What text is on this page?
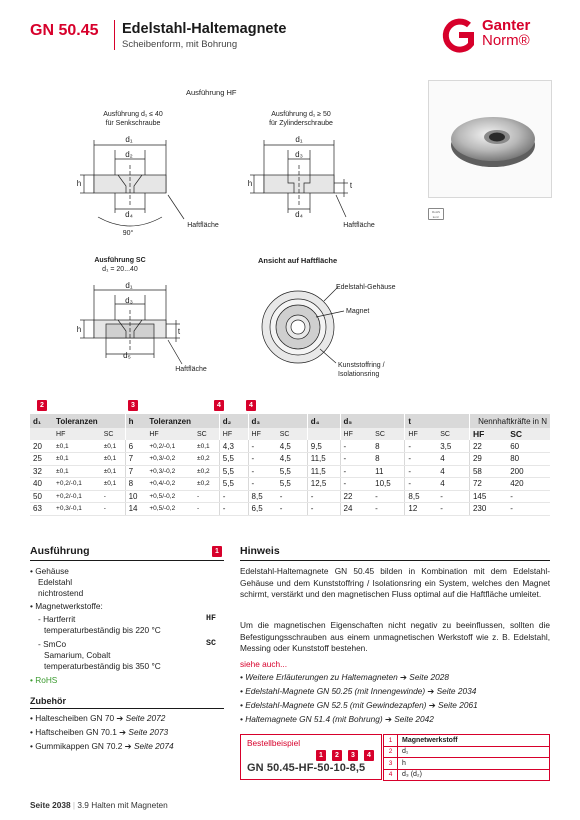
GN 50.45 Edelstahl-Haltemagnete
Scheibenform, mit Bohrung
Ganter
Norm®
Ausführung HF
Ausführung d₁ ≤ 40
für Senkschraube
Ausführung d₁ ≥ 50
für Zylinderschraube
d₁
d₂
h
d₄
90°
Haftfläche
d₁
d₃
h	t
d₄
Haftfläche
Ausführung SC
d₁ = 20...40
d₁
d₃
h	t
d₅
Haftfläche
Ansicht auf Haftfläche
Edelstahl-Gehäuse
Magnet
Kunststoffring /
Isolationsring
RoHS
konf.
2	3	4	4
d₁	Toleranzen		h	Toleranzen		d₂	d₃		d₄	d₅		t		Nennhaftkräfte in N	
	HF	SC		HF	SC	HF	HF	SC		HF	SC	HF	SC	HF	SC
20	±0,1	±0,1	6	+0,2/-0,1	±0,1	4,3	-	4,5	9,5	-	8	-	3,5	22	60
25	±0,1	±0,1	7	+0,3/-0,2	±0,2	5,5	-	4,5	11,5	-	8	-	4	29	80
32	±0,1	±0,1	7	+0,3/-0,2	±0,2	5,5	-	5,5	11,5	-	11	-	4	58	200
40	+0,2/-0,1	±0,1	8	+0,4/-0,2	±0,2	5,5	-	5,5	12,5	-	10,5	-	4	72	420
50	+0,2/-0,1	-	10	+0,5/-0,2	-	-	8,5	-	-	22	-	8,5	-	145	-
63	+0,3/-0,1	-	14	+0,5/-0,2	-	-	6,5	-	-	24	-	12	-	230	-
Ausführung	1
• Gehäuse
Edelstahl
nichtrostend
• Magnetwerkstoffe:
- Hartferrit	HF
temperaturbeständig bis 220 °C
- SmCo	SC
Samarium, Cobalt
temperaturbeständig bis 350 °C
• RoHS
Zubehör
• Haltescheiben GN 70 ➔ Seite 2072
• Haftscheiben GN 70.1 ➔ Seite 2073
• Gummikappen GN 70.2 ➔ Seite 2074
Hinweis
Edelstahl-Haltemagnete GN 50.45 bilden in Kombination mit dem Edelstahl-Gehäuse und dem Kunststoffring / Isolationsring ein System, welches den Magnet schirmt, verstärkt und den magnetischen Fluss optimal auf die Haftfläche umleitet.
Um die magnetischen Eigenschaften nicht negativ zu beeinflussen, sollten die Befestigungsschrauben aus einem unmagnetischen Werkstoff wie z. B. Edelstahl, Messing oder Kunststoff bestehen.
siehe auch...
• Weitere Erläuterungen zu Haltemagneten ➔ Seite 2028
• Edelstahl-Magnete GN 50.25 (mit Innengewinde) ➔ Seite 2034
• Edelstahl-Magnete GN 52.5 (mit Gewindezapfen) ➔ Seite 2061
• Haltemagnete GN 51.4 (mit Bohrung) ➔ Seite 2042
Bestellbeispiel
1	2	3	4
GN 50.45-HF-50-10-8,5
1	Magnetwerkstoff
2	d₁
3	h
4	d₃ (d₂)
Seite 2038 | 3.9 Halten mit Magneten
